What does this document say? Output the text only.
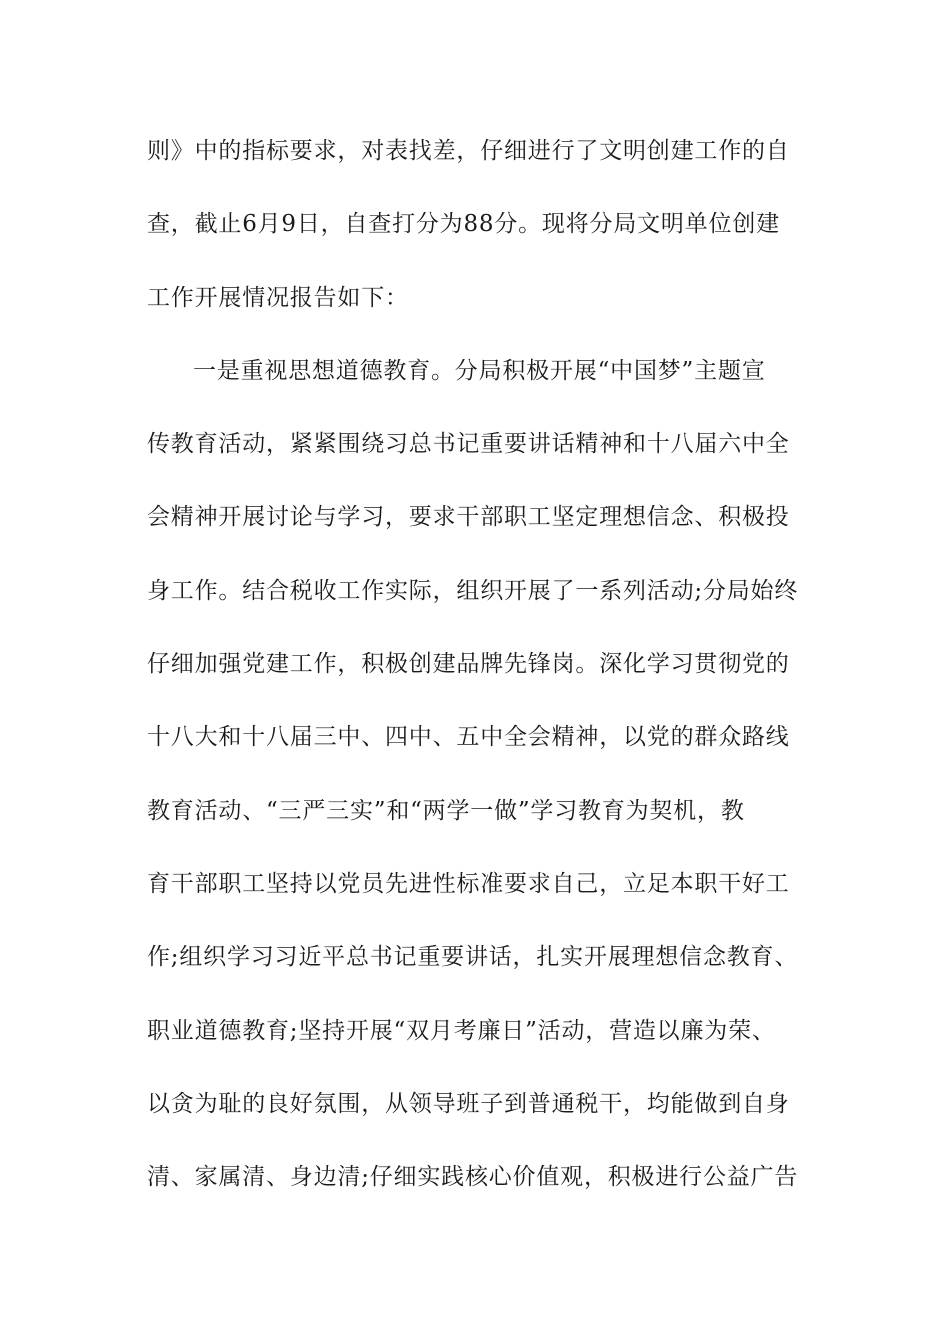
则》中的指标要求，对表找差，仔细进行了文明创建工作的自
查，截止6月9日，自查打分为88分。现将分局文明单位创建
工作开展情况报告如下：
一是重视思想道德教育。分局积极开展“中国梦”主题宣
传教育活动，紧紧围绕习总书记重要讲话精神和十八届六中全
会精神开展讨论与学习，要求干部职工坚定理想信念、积极投
身工作。结合税收工作实际，组织开展了一系列活动;分局始终
仔细加强党建工作，积极创建品牌先锋岗。深化学习贯彻党的
十八大和十八届三中、四中、五中全会精神，以党的群众路线
教育活动、“三严三实”和“两学一做”学习教育为契机，教
育干部职工坚持以党员先进性标准要求自己，立足本职干好工
作;组织学习习近平总书记重要讲话，扎实开展理想信念教育、
职业道德教育;坚持开展“双月考廉日”活动，营造以廉为荣、
以贪为耻的良好氛围，从领导班子到普通税干，均能做到自身
清、家属清、身边清;仔细实践核心价值观，积极进行公益广告
